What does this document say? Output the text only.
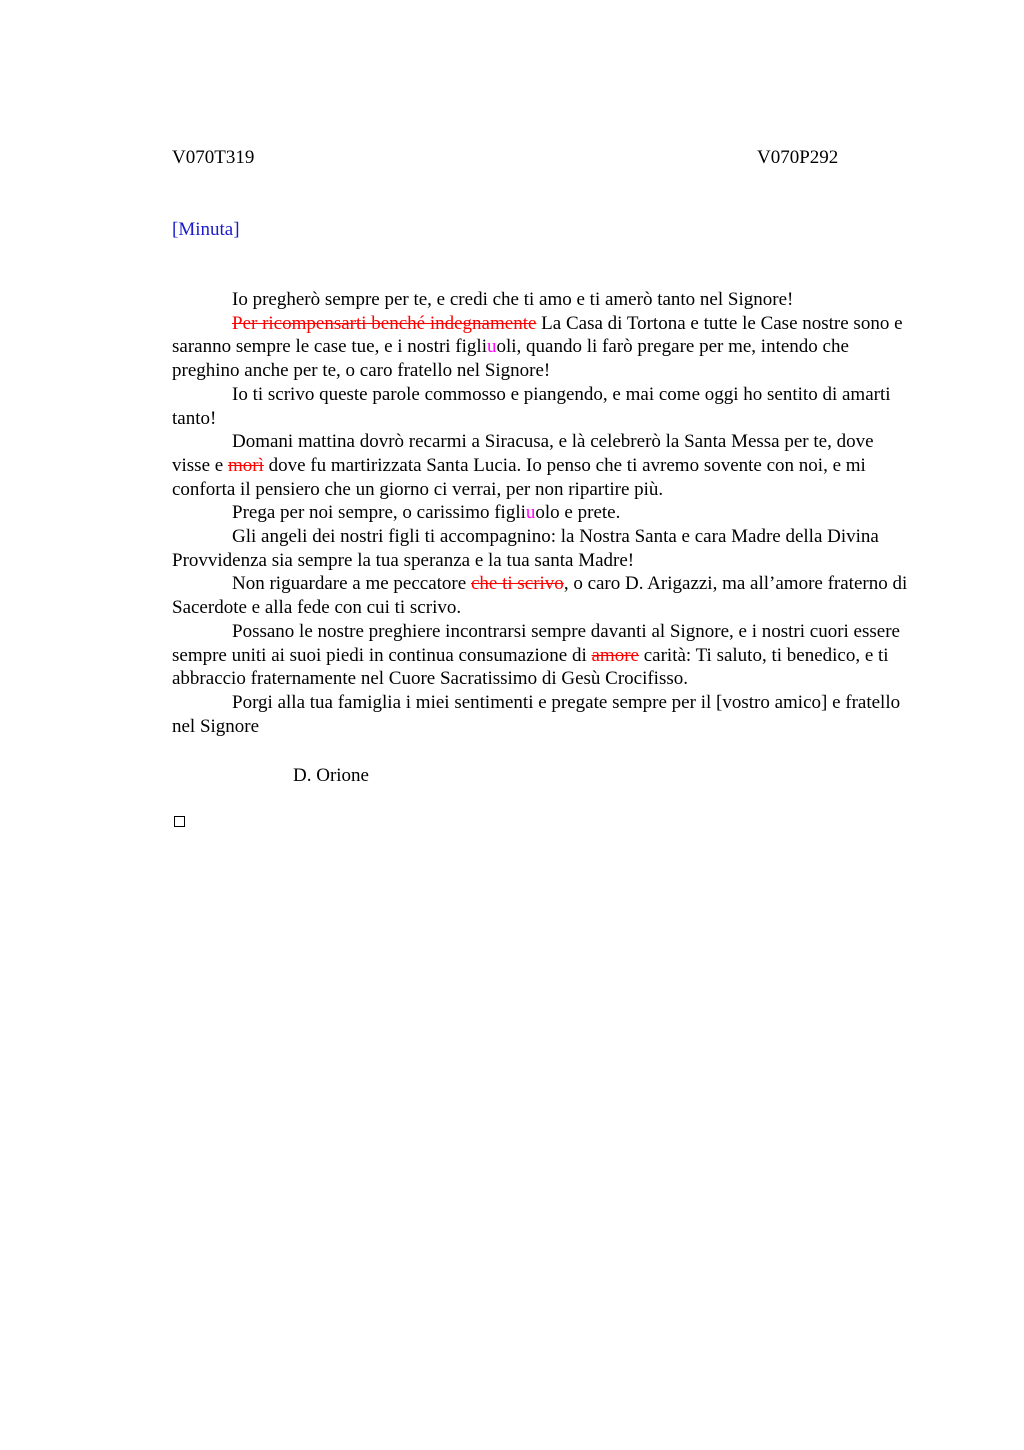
V070T319	V070P292
[Minuta]

Io pregherò sempre per te, e credi che ti amo e ti amerò tanto nel Signore!

Per ricompensarti benché indegnamente La Casa di Tortona e tutte le Case nostre sono e saranno sempre le case tue, e i nostri figliuoli, quando li farò pregare per me, intendo che preghino anche per te, o caro fratello nel Signore!

Io ti scrivo queste parole commosso e piangendo, e mai come oggi ho sentito di amarti tanto!

Domani mattina dovrò recarmi a Siracusa, e là celebrerò la Santa Messa per te, dove visse e morì dove fu martirizzata Santa Lucia. Io penso che ti avremo sovente con noi, e mi conforta il pensiero che un giorno ci verrai, per non ripartire più.

Prega per noi sempre, o carissimo figliuolo e prete.

Gli angeli dei nostri figli ti accompagnino: la Nostra Santa e cara Madre della Divina Provvidenza sia sempre la tua speranza e la tua santa Madre!

Non riguardare a me peccatore che ti scrivo, o caro D. Arigazzi, ma all’amore fraterno di Sacerdote e alla fede con cui ti scrivo.

Possano le nostre preghiere incontrarsi sempre davanti al Signore, e i nostri cuori essere sempre uniti ai suoi piedi in continua consumazione di amore carità: Ti saluto, ti benedico, e ti abbraccio fraternamente nel Cuore Sacratissimo di Gesù Crocifisso.

Porgi alla tua famiglia i miei sentimenti e pregate sempre per il [vostro amico] e fratello nel Signore

D. Orione
